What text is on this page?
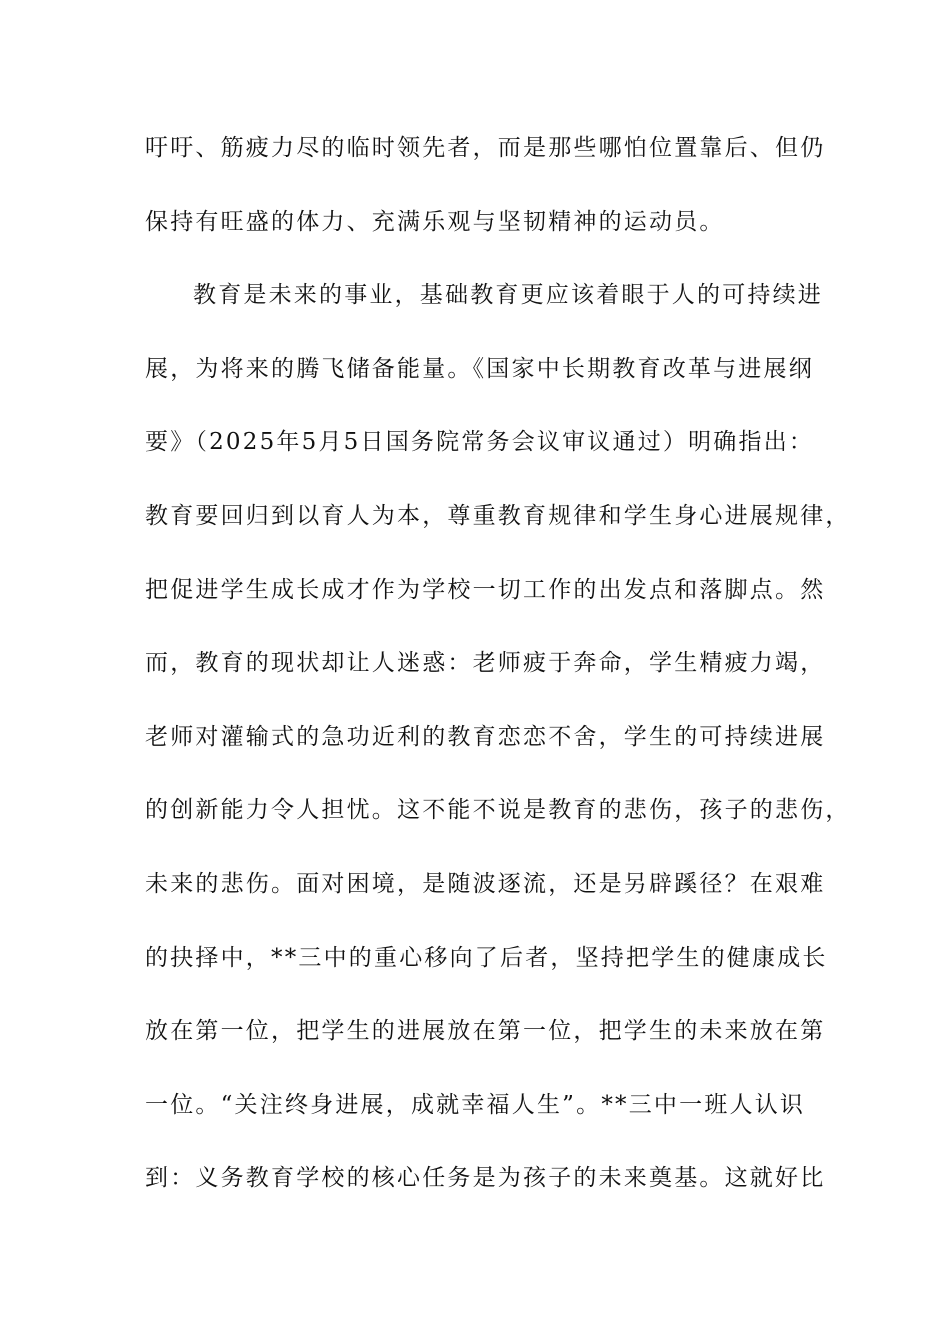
吁吁、筋疲力尽的临时领先者，而是那些哪怕位置靠后、但仍
保持有旺盛的体力、充满乐观与坚韧精神的运动员。
教育是未来的事业，基础教育更应该着眼于人的可持续进
展，为将来的腾飞储备能量。《国家中长期教育改革与进展纲
要》（2025年5月5日国务院常务会议审议通过）明确指出：
教育要回归到以育人为本，尊重教育规律和学生身心进展规律，
把促进学生成长成才作为学校一切工作的出发点和落脚点。然
而，教育的现状却让人迷惑：老师疲于奔命，学生精疲力竭，
老师对灌输式的急功近利的教育恋恋不舍，学生的可持续进展
的创新能力令人担忧。这不能不说是教育的悲伤，孩子的悲伤，
未来的悲伤。面对困境，是随波逐流，还是另辟蹊径？在艰难
的抉择中，**三中的重心移向了后者，坚持把学生的健康成长
放在第一位，把学生的进展放在第一位，把学生的未来放在第
一位。“关注终身进展，成就幸福人生”。**三中一班人认识
到：义务教育学校的核心任务是为孩子的未来奠基。这就好比
